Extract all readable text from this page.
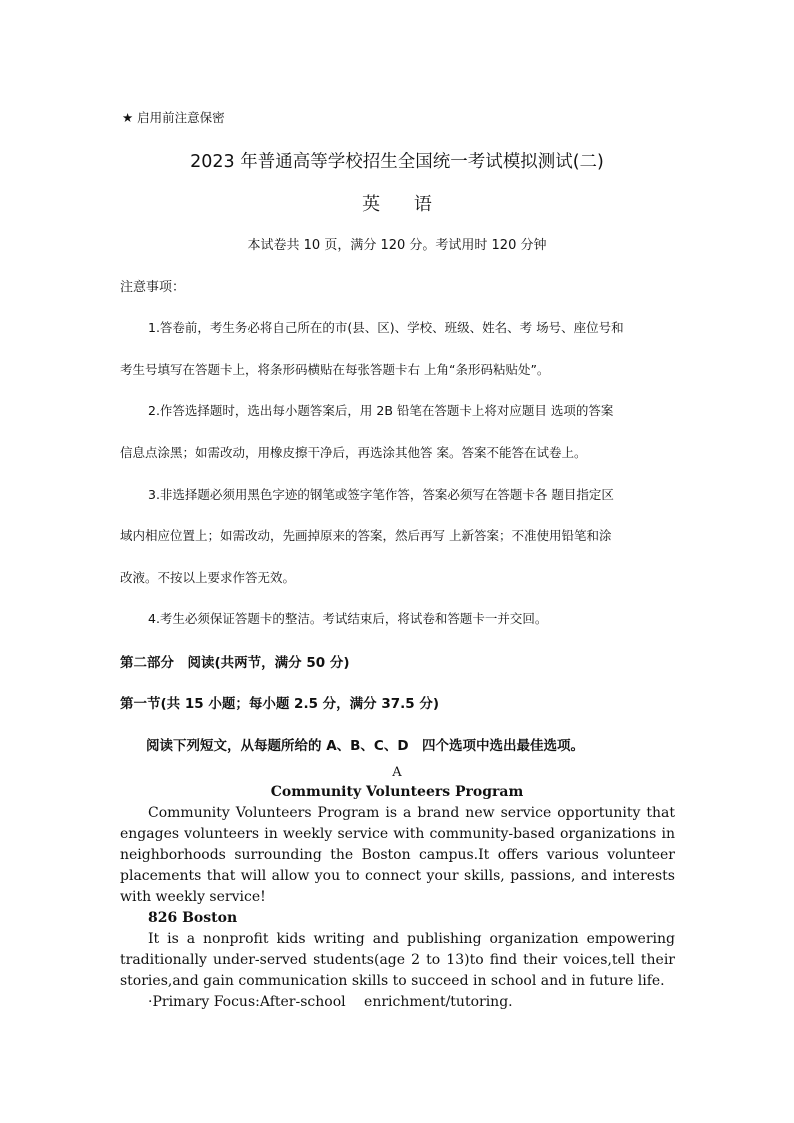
★ 启用前注意保密
2023 年普通高等学校招生全国统一考试模拟测试(二)
英 语
本试卷共 10 页，满分 120 分。考试用时 120 分钟
注意事项：
1.答卷前，考生务必将自己所在的市(县、区)、学校、班级、姓名、考 场号、座位号和
考生号填写在答题卡上，将条形码横贴在每张答题卡右 上角“条形码粘贴处”。
2.作答选择题时，选出每小题答案后，用 2B 铅笔在答题卡上将对应题目 选项的答案
信息点涂黑；如需改动，用橡皮擦干净后，再选涂其他答 案。答案不能答在试卷上。
3.非选择题必须用黑色字迹的钢笔或签字笔作答，答案必须写在答题卡各 题目指定区
域内相应位置上；如需改动，先画掉原来的答案，然后再写 上新答案；不准使用铅笔和涂
改液。不按以上要求作答无效。
4.考生必须保证答题卡的整洁。考试结束后，将试卷和答题卡一并交回。
第二部分　阅读(共两节，满分 50 分)
第一节(共 15 小题；每小题 2.5 分，满分 37.5 分)
阅读下列短文，从每题所给的 A、B、C、D　四个选项中选出最佳选项。
A
Community Volunteers Program

Community Volunteers Program is a brand new service opportunity that engages volunteers in weekly service with community-based organizations in neighborhoods surrounding the Boston campus.It offers various volunteer placements that will allow you to connect your skills, passions, and interests with weekly service!

826 Boston

It is a nonprofit kids writing and publishing organization empowering traditionally under-served students(age 2 to 13)to find their voices,tell their stories,and gain communication skills to succeed in school and in future life.

·Primary Focus:After-school　 enrichment/tutoring.
